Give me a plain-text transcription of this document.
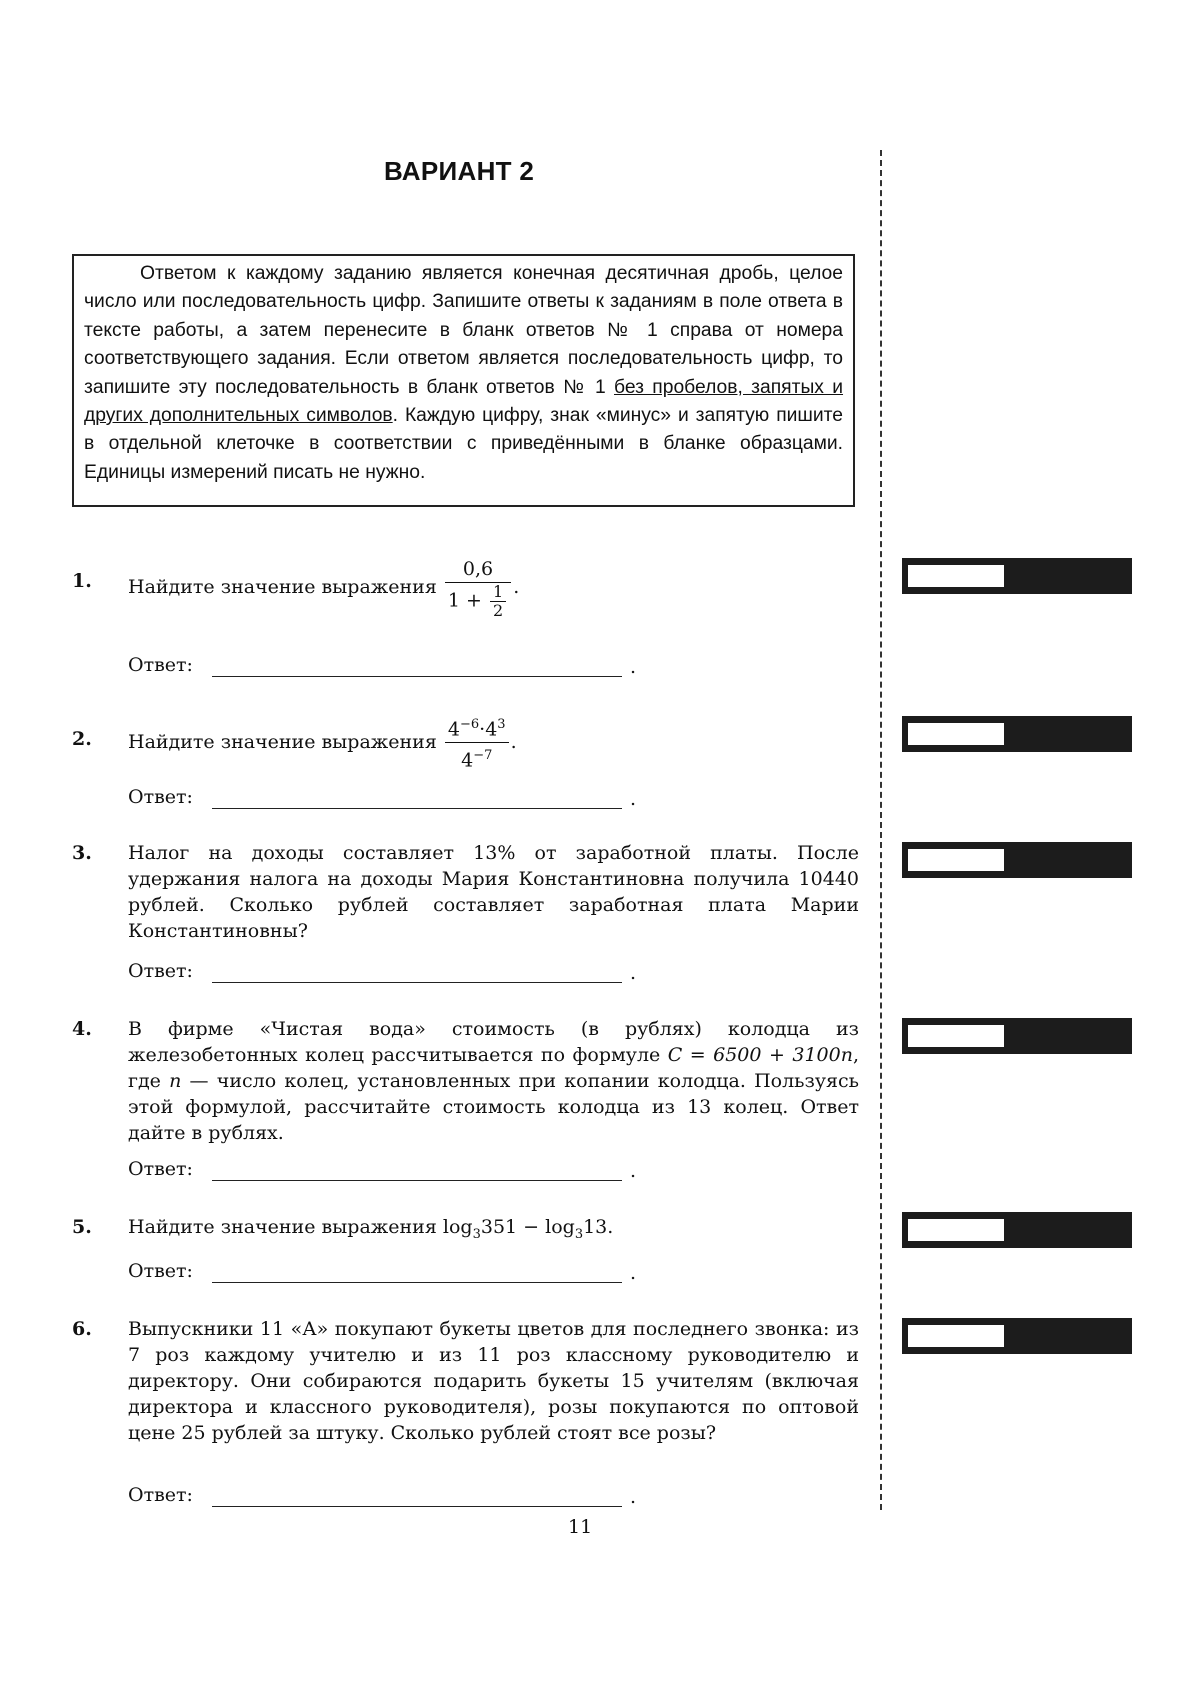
ВАРИАНТ 2

Ответом к каждому заданию является конечная десятичная дробь, целое число или последовательность цифр. Запишите ответы к заданиям в поле ответа в тексте работы, а затем перенесите в бланк ответов № 1 справа от номера соответствующего задания. Если ответом является последовательность цифр, то запишите эту последовательность в бланк ответов № 1 без пробелов, запятых и других дополнительных символов. Каждую цифру, знак «минус» и запятую пишите в отдельной клеточке в соответствии с приведёнными в бланке образцами. Единицы измерений писать не нужно.

1. Найдите значение выражения $\frac{0,6}{1 + \frac{1}{2}}$ .
Ответ:	.
2. Найдите значение выражения $\frac{4^{-6}\cdot 4^3}{4^{-7}}$ .
Ответ:	.
3. Налог на доходы составляет 13% от заработной платы. После удержания налога на доходы Мария Константиновна получила 10440 рублей. Сколько рублей составляет заработная плата Марии Константиновны?
Ответ:	.
4. В фирме «Чистая вода» стоимость (в рублях) колодца из железобетонных колец рассчитывается по формуле C = 6500 + 3100n, где n — число колец, установленных при копании колодца. Пользуясь этой формулой, рассчитайте стоимость колодца из 13 колец. Ответ дайте в рублях.
Ответ:	.
5. Найдите значение выражения $\log_3351 - \log_313$.
Ответ:	.
6. Выпускники 11 «А» покупают букеты цветов для последнего звонка: из 7 роз каждому учителю и из 11 роз классному руководителю и директору. Они собираются подарить букеты 15 учителям (включая директора и классного руководителя), розы покупаются по оптовой цене 25 рублей за штуку. Сколько рублей стоят все розы?
Ответ:	.
11
